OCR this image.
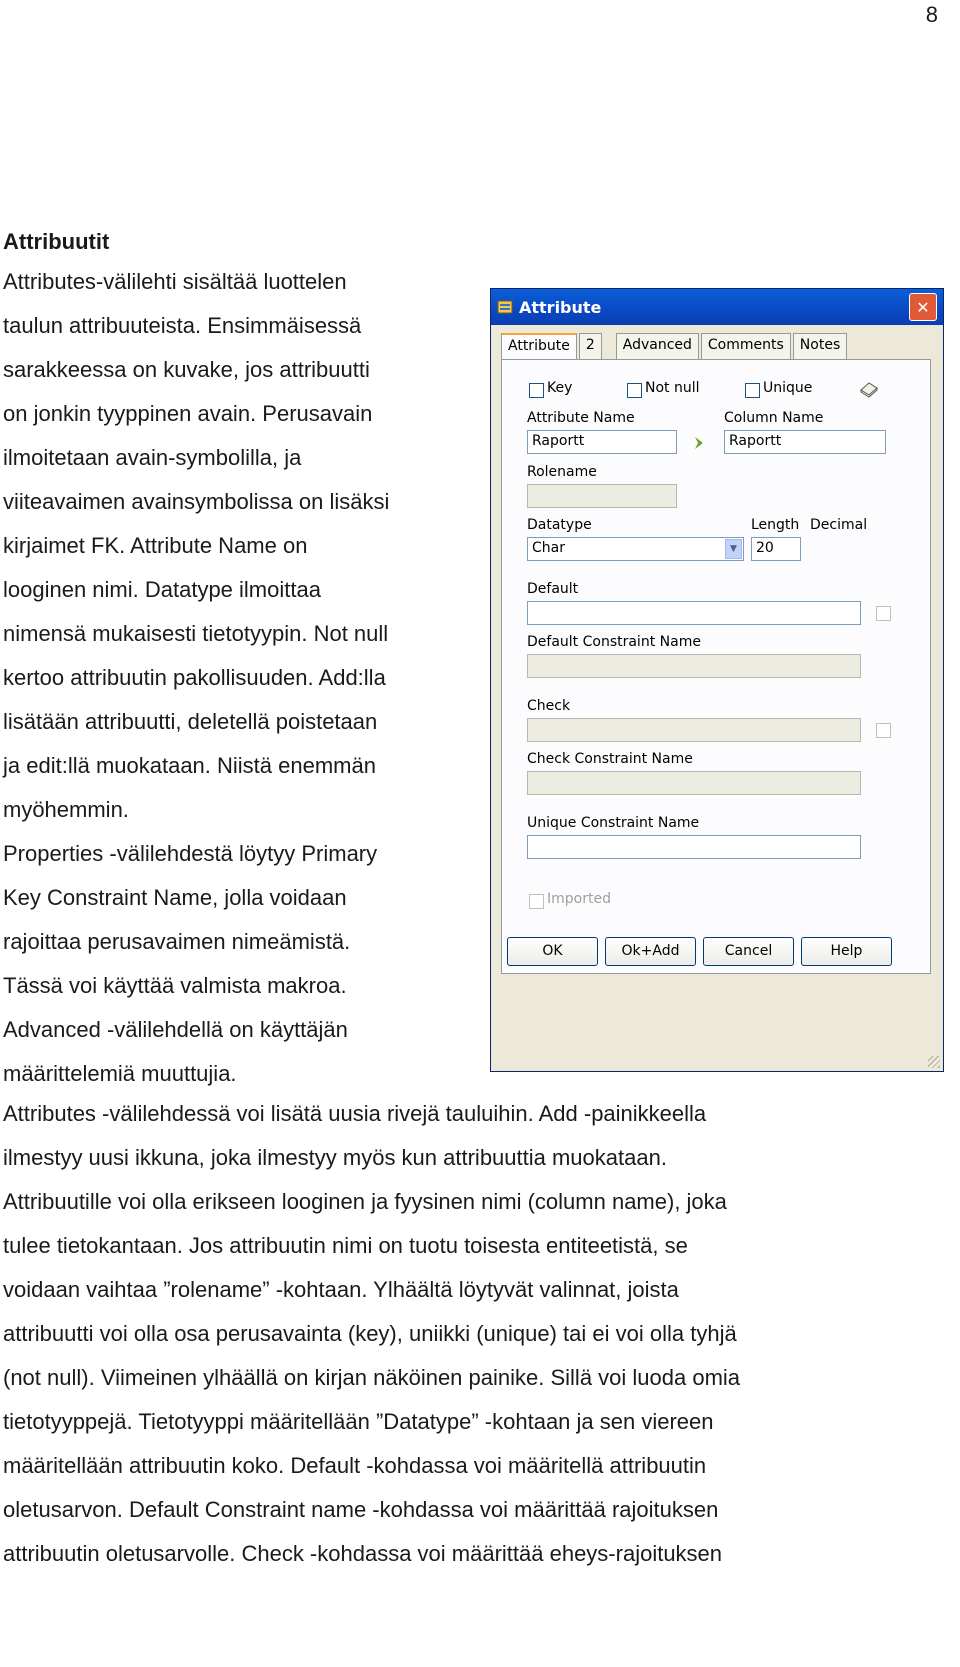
8
Attribuutit

Attributes-välilehti sisältää luottelen

taulun attribuuteista. Ensimmäisessä

sarakkeessa on kuvake, jos attribuutti

on jonkin tyyppinen avain. Perusavain

ilmoitetaan avain-symbolilla, ja

viiteavaimen avainsymbolissa on lisäksi

kirjaimet FK. Attribute Name on

looginen nimi. Datatype ilmoittaa

nimensä mukaisesti tietotyypin. Not null

kertoo attribuutin pakollisuuden. Add:lla

lisätään attribuutti, deletellä poistetaan

ja edit:llä muokataan. Niistä enemmän

myöhemmin.

Properties -välilehdestä löytyy Primary

Key Constraint Name, jolla voidaan

rajoittaa perusavaimen nimeämistä.

Tässä voi käyttää valmista makroa.

Advanced -välilehdellä on käyttäjän

määrittelemiä muuttujia.

Attributes -välilehdessä voi lisätä uusia rivejä tauluihin. Add -painikkeella

ilmestyy uusi ikkuna, joka ilmestyy myös kun attribuuttia muokataan.

Attribuutille voi olla erikseen looginen ja fyysinen nimi (column name), joka

tulee tietokantaan. Jos attribuutin nimi on tuotu toisesta entiteetistä, se

voidaan vaihtaa ”rolename” -kohtaan. Ylhäältä löytyvät valinnat, joista

attribuutti voi olla osa perusavainta (key), uniikki (unique) tai ei voi olla tyhjä

(not null). Viimeinen ylhäällä on kirjan näköinen painike. Sillä voi luoda omia

tietotyyppejä. Tietotyyppi määritellään ”Datatype” -kohtaan ja sen viereen

määritellään attribuutin koko. Default -kohdassa voi määritellä attribuutin

oletusarvon. Default Constraint name -kohdassa voi määrittää rajoituksen

attribuutin oletusarvolle. Check -kohdassa voi määrittää eheys-rajoituksen

Attribute	✕
Attribute	2	Advanced	Comments	Notes
Key	Not null	Unique
Attribute Name
Raportt
Column Name
Raportt
Rolename
Datatype
Char	▼
Length
20
Decimal
Default
Default Constraint Name
Check
Check Constraint Name
Unique Constraint Name
Imported
OK	Ok+Add	Cancel	Help
